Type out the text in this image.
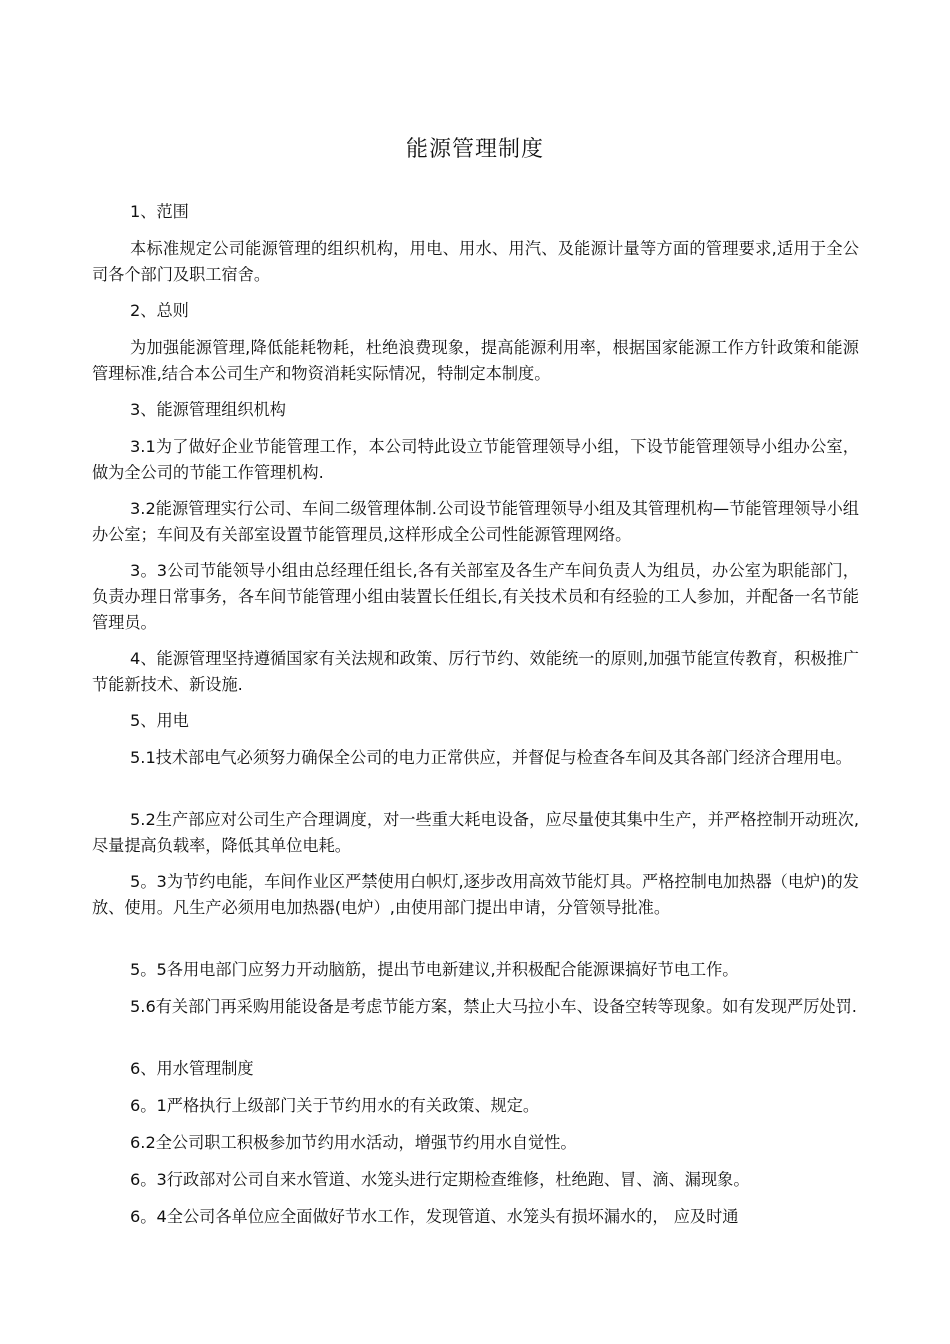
能源管理制度

1、范围

本标准规定公司能源管理的组织机构，用电、用水、用汽、及能源计量等方面的管理要求,适用于全公司各个部门及职工宿舍。

2、总则

为加强能源管理,降低能耗物耗，杜绝浪费现象，提高能源利用率，根据国家能源工作方针政策和能源管理标准,结合本公司生产和物资消耗实际情况，特制定本制度。

3、能源管理组织机构

3.1为了做好企业节能管理工作，本公司特此设立节能管理领导小组，下设节能管理领导小组办公室，做为全公司的节能工作管理机构.

3.2能源管理实行公司、车间二级管理体制.公司设节能管理领导小组及其管理机构—节能管理领导小组办公室；车间及有关部室设置节能管理员,这样形成全公司性能源管理网络。

3。3公司节能领导小组由总经理任组长,各有关部室及各生产车间负责人为组员，办公室为职能部门，负责办理日常事务，各车间节能管理小组由装置长任组长,有关技术员和有经验的工人参加，并配备一名节能管理员。

4、能源管理坚持遵循国家有关法规和政策、厉行节约、效能统一的原则,加强节能宣传教育，积极推广节能新技术、新设施.

5、用电

5.1技术部电气必须努力确保全公司的电力正常供应，并督促与检查各车间及其各部门经济合理用电。

5.2生产部应对公司生产合理调度，对一些重大耗电设备，应尽量使其集中生产，并严格控制开动班次,尽量提高负载率，降低其单位电耗。

5。3为节约电能，车间作业区严禁使用白帜灯,逐步改用高效节能灯具。严格控制电加热器（电炉)的发放、使用。凡生产必须用电加热器(电炉）,由使用部门提出申请，分管领导批准。

5。5各用电部门应努力开动脑筋，提出节电新建议,并积极配合能源课搞好节电工作。

5.6有关部门再采购用能设备是考虑节能方案，禁止大马拉小车、设备空转等现象。如有发现严厉处罚.

6、用水管理制度

6。1严格执行上级部门关于节约用水的有关政策、规定。

6.2全公司职工积极参加节约用水活动，增强节约用水自觉性。

6。3行政部对公司自来水管道、水笼头进行定期检查维修，杜绝跑、冒、滴、漏现象。

6。4全公司各单位应全面做好节水工作，发现管道、水笼头有损坏漏水的， 应及时通
